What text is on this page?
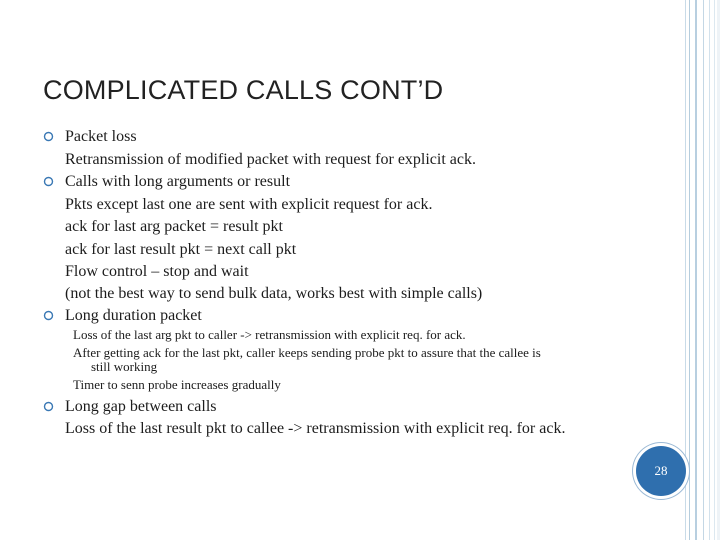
COMPLICATED CALLS CONT’D
Packet loss
Retransmission of modified packet with request for explicit ack.
Calls with long arguments or result
Pkts except last one are sent with explicit request for ack.
ack for last arg packet = result pkt
ack for last result pkt = next call pkt
Flow control – stop and wait
(not the best way to send bulk data, works best with simple calls)
Long duration packet
Loss of the last arg pkt to caller -> retransmission with explicit req. for ack.
After getting ack for the last pkt, caller keeps sending probe pkt to assure that the callee is
still working
Timer to senn probe increases gradually
Long gap between calls
Loss of the last result pkt to callee -> retransmission with explicit req. for ack.
28
